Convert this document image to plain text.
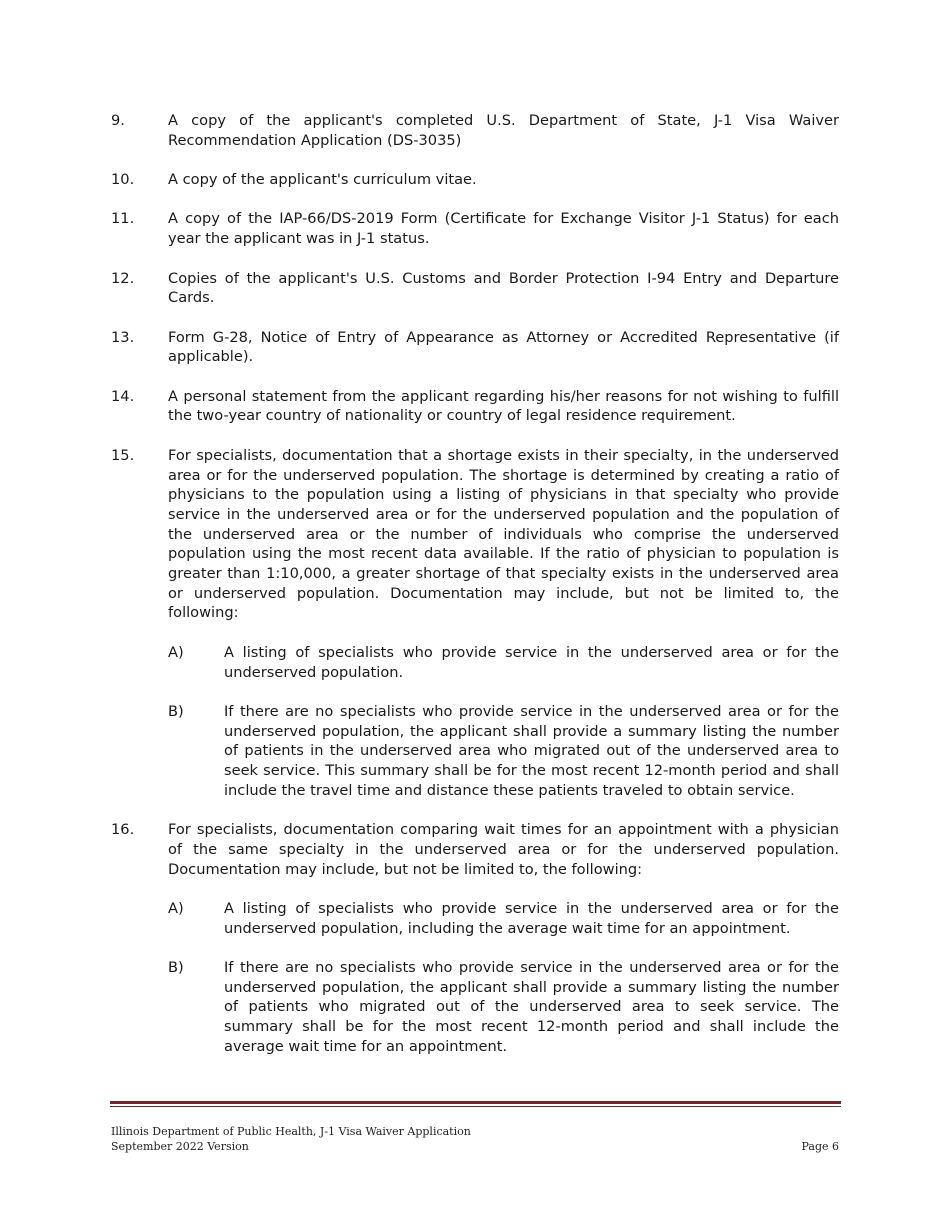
9.	A copy of the applicant's completed U.S. Department of State, J-1 Visa Waiver Recommendation Application (DS-3035)
10.	A copy of the applicant's curriculum vitae.
11.	A copy of the IAP-66/DS-2019 Form (Certificate for Exchange Visitor J-1 Status) for each year the applicant was in J-1 status.
12.	Copies of the applicant's U.S. Customs and Border Protection I-94 Entry and Departure Cards.
13.	Form G-28, Notice of Entry of Appearance as Attorney or Accredited Representative (if applicable).
14.	A personal statement from the applicant regarding his/her reasons for not wishing to fulfill the two-year country of nationality or country of legal residence requirement.
15.	For specialists, documentation that a shortage exists in their specialty, in the underserved area or for the underserved population. The shortage is determined by creating a ratio of physicians to the population using a listing of physicians in that specialty who provide service in the underserved area or for the underserved population and the population of the underserved area or the number of individuals who comprise the underserved population using the most recent data available. If the ratio of physician to population is greater than 1:10,000, a greater shortage of that specialty exists in the underserved area or underserved population. Documentation may include, but not be limited to, the following:
A)	A listing of specialists who provide service in the underserved area or for the underserved population.
B)	If there are no specialists who provide service in the underserved area or for the underserved population, the applicant shall provide a summary listing the number of patients in the underserved area who migrated out of the underserved area to seek service. This summary shall be for the most recent 12-month period and shall include the travel time and distance these patients traveled to obtain service.
16.	For specialists, documentation comparing wait times for an appointment with a physician of the same specialty in the underserved area or for the underserved population. Documentation may include, but not be limited to, the following:
A)	A listing of specialists who provide service in the underserved area or for the underserved population, including the average wait time for an appointment.
B)	If there are no specialists who provide service in the underserved area or for the underserved population, the applicant shall provide a summary listing the number of patients who migrated out of the underserved area to seek service. The summary shall be for the most recent 12-month period and shall include the average wait time for an appointment.
Illinois Department of Public Health, J-1 Visa Waiver Application
September 2022 Version	Page 6
